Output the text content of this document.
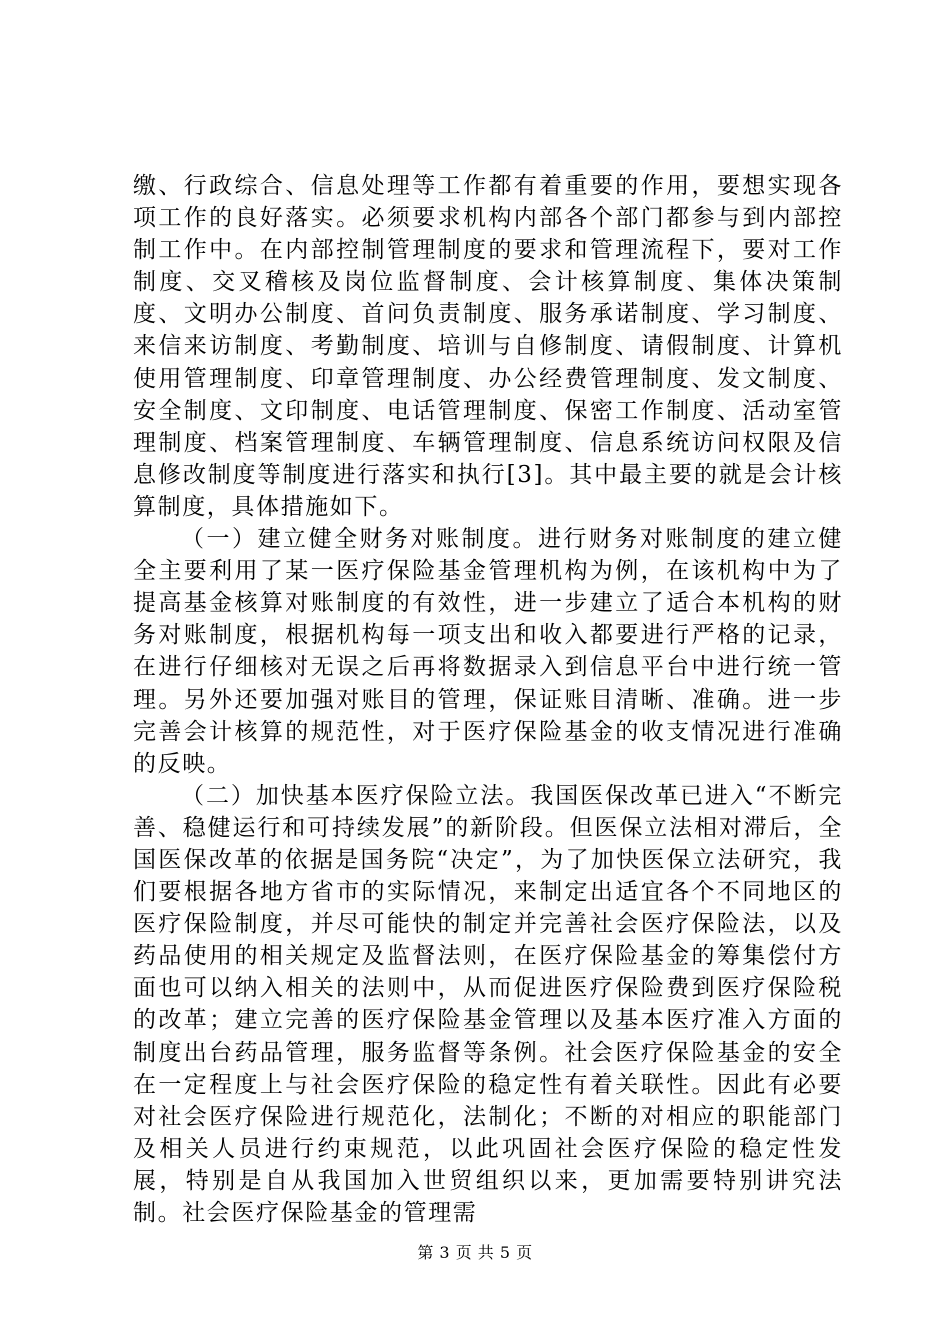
缴、行政综合、信息处理等工作都有着重要的作用，要想实现各项工作的良好落实。必须要求机构内部各个部门都参与到内部控制工作中。在内部控制管理制度的要求和管理流程下，要对工作制度、交叉稽核及岗位监督制度、会计核算制度、集体决策制度、文明办公制度、首问负责制度、服务承诺制度、学习制度、来信来访制度、考勤制度、培训与自修制度、请假制度、计算机使用管理制度、印章管理制度、办公经费管理制度、发文制度、安全制度、文印制度、电话管理制度、保密工作制度、活动室管理制度、档案管理制度、车辆管理制度、信息系统访问权限及信息修改制度等制度进行落实和执行[3]。其中最主要的就是会计核算制度，具体措施如下。

（一）建立健全财务对账制度。进行财务对账制度的建立健全主要利用了某一医疗保险基金管理机构为例，在该机构中为了提高基金核算对账制度的有效性，进一步建立了适合本机构的财务对账制度，根据机构每一项支出和收入都要进行严格的记录，在进行仔细核对无误之后再将数据录入到信息平台中进行统一管理。另外还要加强对账目的管理，保证账目清晰、准确。进一步完善会计核算的规范性，对于医疗保险基金的收支情况进行准确的反映。

（二）加快基本医疗保险立法。我国医保改革已进入“不断完善、稳健运行和可持续发展”的新阶段。但医保立法相对滞后，全国医保改革的依据是国务院“决定”，为了加快医保立法研究，我们要根据各地方省市的实际情况，来制定出适宜各个不同地区的医疗保险制度，并尽可能快的制定并完善社会医疗保险法，以及药品使用的相关规定及监督法则，在医疗保险基金的筹集偿付方面也可以纳入相关的法则中，从而促进医疗保险费到医疗保险税的改革；建立完善的医疗保险基金管理以及基本医疗准入方面的制度出台药品管理，服务监督等条例。社会医疗保险基金的安全在一定程度上与社会医疗保险的稳定性有着关联性。因此有必要对社会医疗保险进行规范化，法制化；不断的对相应的职能部门及相关人员进行约束规范，以此巩固社会医疗保险的稳定性发展，特别是自从我国加入世贸组织以来，更加需要特别讲究法制。社会医疗保险基金的管理需

第 3 页 共 5 页
